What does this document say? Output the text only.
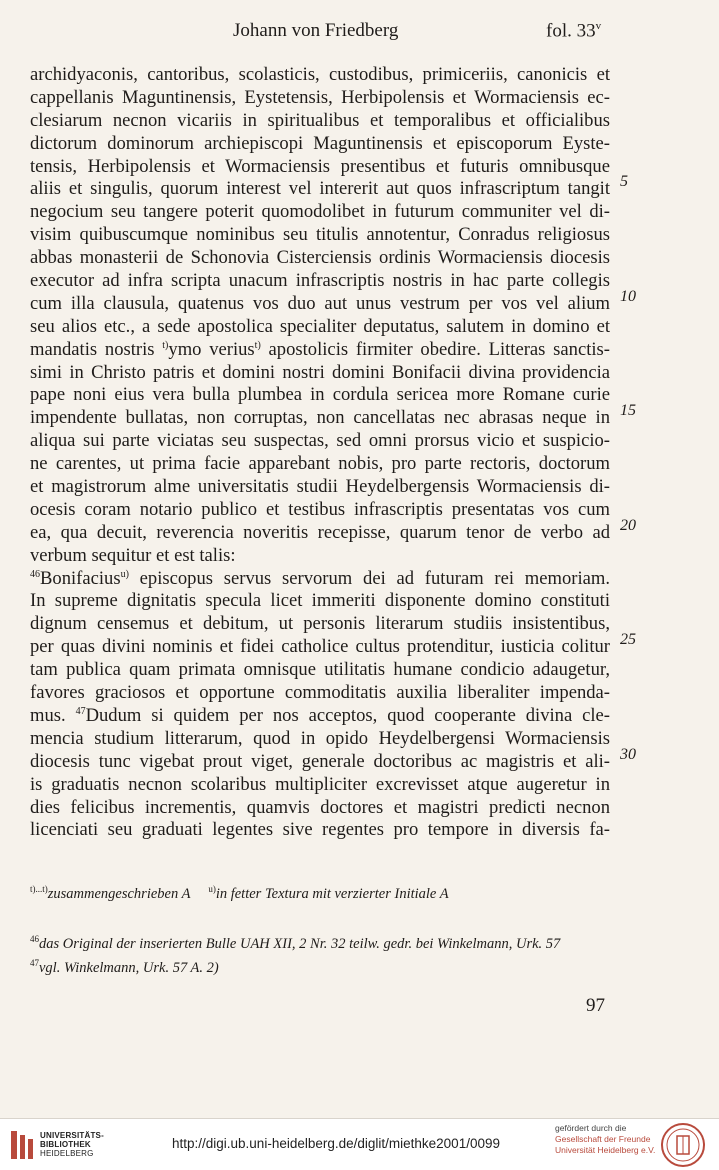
Johann von Friedberg	fol. 33$^v$
archidyaconis, cantoribus, scolasticis, custodibus, primiceriis, canonicis et
cappellanis Maguntinensis, Eystetensis, Herbipolensis et Wormaciensis ec-
clesiarum necnon vicariis in spiritualibus et temporalibus et officialibus
dictorum dominorum archiepiscopi Maguntinensis et episcoporum Eyste-
tensis, Herbipolensis et Wormaciensis presentibus et futuris omnibusque
aliis et singulis, quorum interest vel intererit aut quos infrascriptum tangit
negocium seu tangere poterit quomodolibet in futurum communiter vel di-
visim quibuscumque nominibus seu titulis annotentur, Conradus religiosus
abbas monasterii de Schonovia Cisterciensis ordinis Wormaciensis diocesis
executor ad infra scripta unacum infrascriptis nostris in hac parte collegis
cum illa clausula, quatenus vos duo aut unus vestrum per vos vel alium
seu alios etc., a sede apostolica specialiter deputatus, salutem in domino et
mandatis nostris $^{t)}$ymo verius$^{t)}$ apostolicis firmiter obedire. Litteras sanctis-
simi in Christo patris et domini nostri domini Bonifacii divina providencia
pape noni eius vera bulla plumbea in cordula sericea more Romane curie
impendente bullatas, non corruptas, non cancellatas nec abrasas neque in
aliqua sui parte viciatas seu suspectas, sed omni prorsus vicio et suspicio-
ne carentes, ut prima facie apparebant nobis, pro parte rectoris, doctorum
et magistrorum alme universitatis studii Heydelbergensis Wormaciensis di-
ocesis coram notario publico et testibus infrascriptis presentatas vos cum
ea, qua decuit, reverencia noveritis recepisse, quarum tenor de verbo ad
verbum sequitur et est talis:
$^{46}$Bonifacius$^{u)}$ episcopus servus servorum dei ad futuram rei memoriam.
In supreme dignitatis specula licet immeriti disponente domino constituti
dignum censemus et debitum, ut personis literarum studiis insistentibus,
per quas divini nominis et fidei catholice cultus protenditur, iusticia colitur
tam publica quam primata omnisque utilitatis humane condicio adaugetur,
favores graciosos et opportune commoditatis auxilia liberaliter impenda-
mus. $^{47}$Dudum si quidem per nos acceptos, quod cooperante divina cle-
mencia studium litterarum, quod in opido Heydelbergensi Wormaciensis
diocesis tunc vigebat prout viget, generale doctoribus ac magistris et ali-
is graduatis necnon scolaribus multipliciter excrevisset atque augeretur in
dies felicibus incrementis, quamvis doctores et magistri predicti necnon
licenciati seu graduati legentes sive regentes pro tempore in diversis fa-
5
10
15
20
25
30
$^{t)...t)}$zusammengeschrieben A $^{u)}$in fetter Textura mit verzierter Initiale A
$^{46}$das Original der inserierten Bulle UAH XII, 2 Nr. 32 teilw. gedr. bei Winkelmann, Urk. 57
$^{47}$vgl. Winkelmann, Urk. 57 A. 2)
97
UNIVERSITÄTS-
BIBLIOTHEK
HEIDELBERG
http://digi.ub.uni-heidelberg.de/diglit/miethke2001/0099
gefördert durch die
Gesellschaft der Freunde
Universität Heidelberg e.V.
